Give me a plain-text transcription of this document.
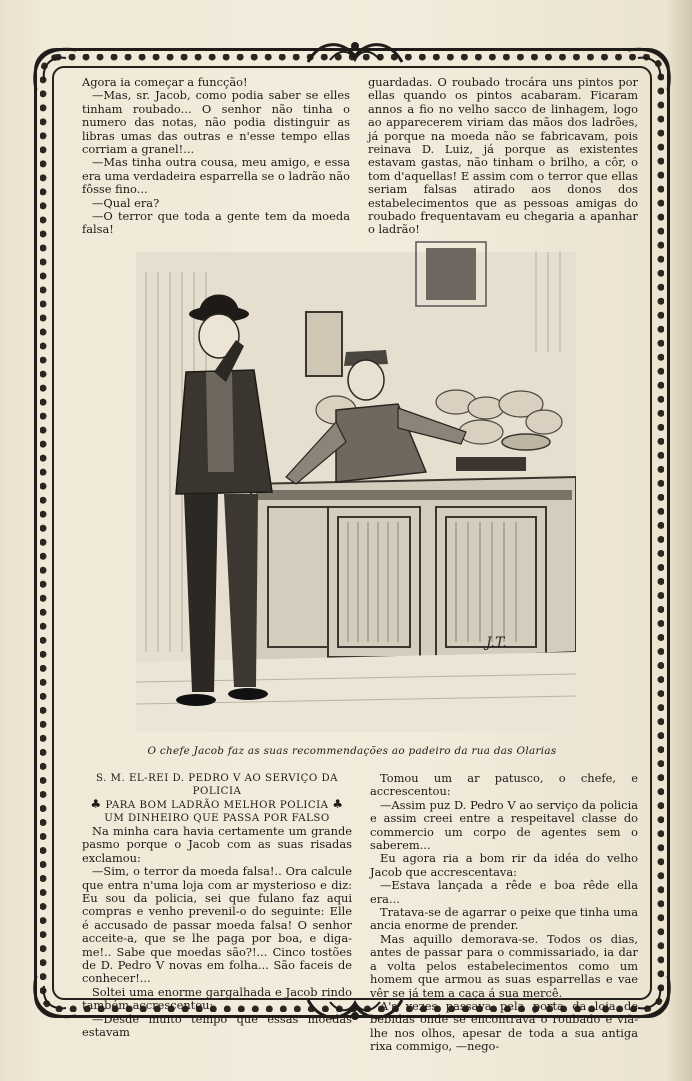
Agora ia começar a funcção!

—Mas, sr. Jacob, como podia saber se elles tinham roubado... O senhor não tinha o numero das notas, não podia distinguir as libras umas das outras e n'esse tempo ellas corriam a granel!...

—Mas tinha outra cousa, meu amigo, e essa era uma verdadeira esparrella se o ladrão não fôsse fino...

—Qual era?

—O terror que toda a gente tem da moeda falsa!

guardadas. O roubado trocára uns pintos por ellas quando os pintos acabaram. Ficaram annos a fio no velho sacco de linhagem, logo ao apparecerem viriam das mãos dos ladrões, já porque na moeda não se fabricavam, pois reinava D. Luiz, já porque as existentes estavam gastas, não tinham o brilho, a côr, o tom d'aquellas! E assim com o terror que ellas seriam falsas atirado aos donos dos estabelecimentos que as pessoas amigas do roubado frequentavam eu chegaria a apanhar o ladrão!

J.T.
O chefe Jacob faz as suas recommendações ao padeiro da rua das Olarias
S. M. EL-REI D. PEDRO V AO SERVIÇO DA POLICIA
♣ PARA BOM LADRÃO MELHOR POLICIA ♣
UM DINHEIRO QUE PASSA POR FALSO

Na minha cara havia certamente um grande pasmo porque o Jacob com as suas risadas exclamou:

—Sim, o terror da moeda falsa!.. Ora calcule que entra n'uma loja com ar mysterioso e diz: Eu sou da policia, sei que fulano faz aqui compras e venho prevenil-o do seguinte: Elle é accusado de passar moeda falsa! O senhor acceite-a, que se lhe paga por boa, e diga-me!.. Sabe que moedas são?!... Cinco tostões de D. Pedro V novas em folha... São faceis de conhecer!...

Soltei uma enorme gargalhada e Jacob rindo também accrescentou:

—Desde muito tempo que essas moedas estavam

Tomou um ar patusco, o chefe, e accrescentou:

—Assim puz D. Pedro V ao serviço da policia e assim creei entre a respeitavel classe do commercio um corpo de agentes sem o saberem...

Eu agora ria a bom rir da idéa do velho Jacob que accrescentava:

—Estava lançada a rêde e boa rêde ella era...

Tratava-se de agarrar o peixe que tinha uma ancia enorme de prender.

Mas aquillo demorava-se. Todos os dias, antes de passar para o commissariado, ia dar a volta pelos estabelecimentos como um homem que armou as suas esparrellas e vae vêr se já tem a caça á sua mercê.

A's vezes passava pela porta da loja de bebidas onde se encontrava o roubado e via-lhe nos olhos, apesar de toda a sua antiga rixa commigo, —nego-
